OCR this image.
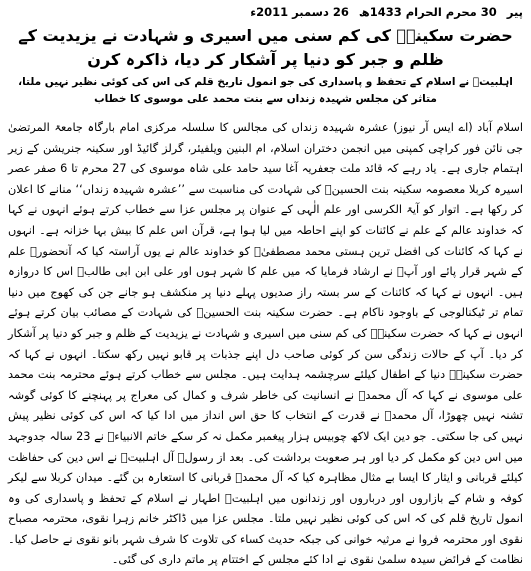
پیر 30 محرم الحرام 1433ھ 26 دسمبر 2011ء
حضرت سکینہؑ کی کم سنی میں اسیری و شہادت نے یزیدیت کے ظلم و جبر کو دنیا پر آشکار کر دیا، ذاکرہ کرن
اہلبیتؑ نے اسلام کے تحفظ و پاسداری کی جو انمول تاریخ قلم کی اس کی کوئی نظیر نہیں ملتا، متاثر کن مجلس شہیدہ زنداں سے بنت محمد علی موسوی کا خطاب

اسلام آباد (اے ایس آر نیوز) عشرہ شہیدہ زنداں کی مجالس کا سلسلہ مرکزی امام بارگاہ جامعۃ المرتضیٰ جی نائن فور کراچی کمپنی میں انجمن دختران اسلام، ام البنین ویلفیئر، گرلز گائیڈ اور سکینہ جنریشن کے زیر اہتمام جاری ہے۔ یاد رہے کہ قائد ملت جعفریہ آغا سید حامد علی شاہ موسوی کی 27 محرم تا 6 صفر عصر اسیرہ کربلا معصومہ سکینہ بنت الحسینؑ کی شہادت کی مناسبت سے ’’عشرہ شہیدہ زنداں‘‘ منانے کا اعلان کر رکھا ہے۔ اتوار کو آیۃ الکرسی اور علم الٰہی کے عنوان پر مجلس عزا سے خطاب کرتے ہوئے انہوں نے کہا کہ خداوند عالم کے علم نے کائنات کو اپنے احاطہ میں لیا ہوا ہے، قرآن اس علم کا بیش بہا خزانہ ہے۔ انہوں نے کہا کہ کائنات کی افضل ترین ہستی محمد مصطفیٰؐ کو خداوند عالم نے یوں آراستہ کیا کہ آنحضورؐ علم کے شہر قرار پائے اور آپؐ نے ارشاد فرمایا کہ میں علم کا شہر ہوں اور علی ابن ابی طالبؑ اس کا دروازہ ہیں۔ انہوں نے کہا کہ کائنات کے سر بستہ راز صدیوں پہلے دنیا پر منکشف ہو جانے جن کی کھوج میں دنیا تمام تر ٹیکنالوجی کے باوجود ناکام ہے۔ حضرت سکینہ بنت الحسینؑ کی شہادت کے مصائب بیان کرتے ہوئے انہوں نے کہا کہ حضرت سکینہؑ کی کم سنی میں اسیری و شہادت نے یزیدیت کے ظلم و جبر کو دنیا پر آشکار کر دیا۔ آپ کے حالات زندگی سن کر کوئی صاحب دل اپنے جذبات پر قابو نہیں رکھ سکتا۔ انہوں نے کہا کہ حضرت سکینہؑ دنیا کے اطفال کیلئے سرچشمہ ہدایت ہیں۔ مجلس سے خطاب کرتے ہوئے محترمہ بنت محمد علی موسوی نے کہا کہ آل محمدؑ نے انسانیت کی خاطر شرف و کمال کی معراج پر پہنچنے کا کوئی گوشہ تشنہ نہیں چھوڑا، آل محمدؐ نے قدرت کے انتخاب کا حق اس انداز میں ادا کیا کہ اس کی کوئی نظیر پیش نہیں کی جا سکتی۔ جو دین ایک لاکھ چوبیس ہزار پیغمبر مکمل نہ کر سکے خاتم الانبیاءؐ نے 23 سالہ جدوجہد میں اس دین کو مکمل کر دیا اور ہر صعوبت برداشت کی۔ بعد از رسولؐ آل اہلبیتؑ نے اس دین کی حفاظت کیلئے قربانی و ایثار کا ایسا بے مثال مظاہرہ کیا کہ آل محمدؐ قربانی کا استعارہ بن گئے۔ میدان کربلا سے لیکر کوفہ و شام کے بازاروں اور درباروں اور زندانوں میں اہلبیتؑ اطہار نے اسلام کے تحفظ و پاسداری کی وہ انمول تاریخ قلم کی کہ اس کی کوئی نظیر نہیں ملتا۔ مجلس عزا میں ڈاکٹر خانم زہرا نقوی، محترمہ مصباح نقوی اور محترمہ فروا نے مرثیہ خوانی کی جبکہ حدیث کساء کی تلاوت کا شرف شہر بانو نقوی نے حاصل کیا۔ نظامت کے فرائض سیدہ سلمیٰ نقوی نے ادا کئے مجلس کے اختتام پر ماتم داری کی گئی۔
